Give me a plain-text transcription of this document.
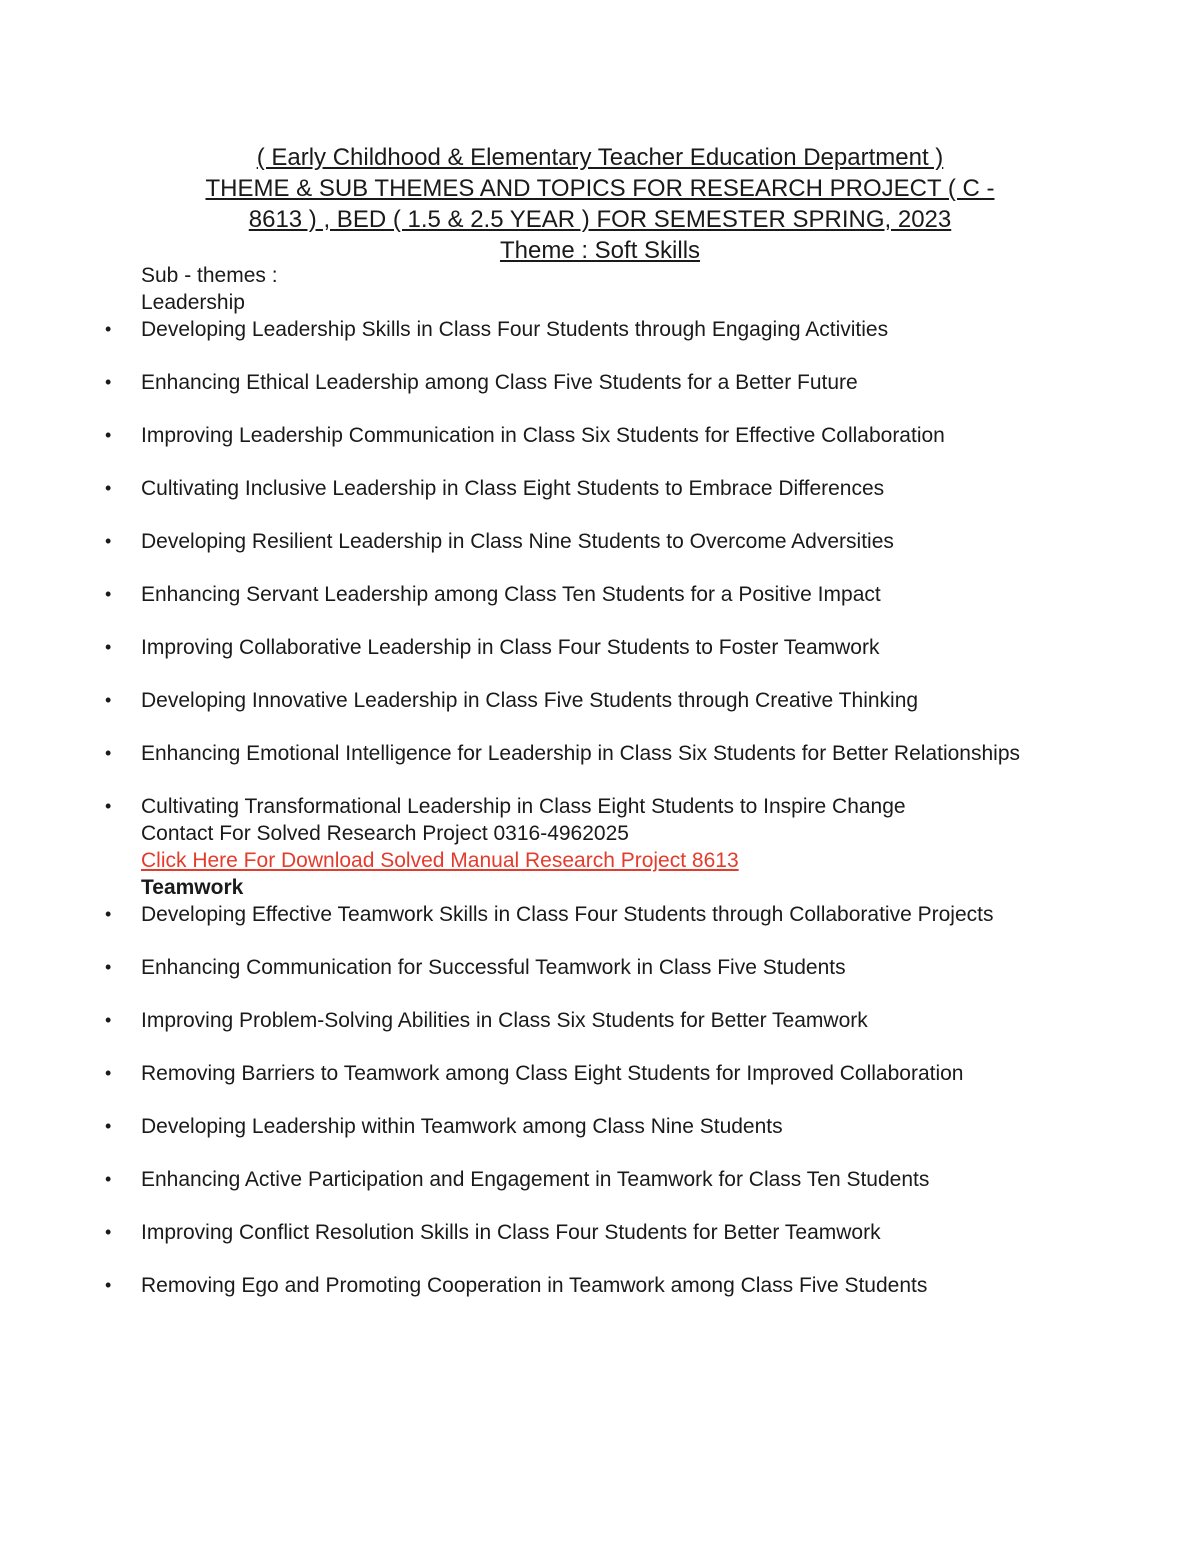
( Early Childhood & Elementary Teacher Education Department )

THEME & SUB THEMES AND TOPICS FOR RESEARCH PROJECT ( C -

8613 ) , BED ( 1.5 & 2.5 YEAR ) FOR SEMESTER SPRING, 2023

Theme : Soft Skills

Sub - themes :

Leadership

• Developing Leadership Skills in Class Four Students through Engaging Activities
• Enhancing Ethical Leadership among Class Five Students for a Better Future
• Improving Leadership Communication in Class Six Students for Effective Collaboration
• Cultivating Inclusive Leadership in Class Eight Students to Embrace Differences
• Developing Resilient Leadership in Class Nine Students to Overcome Adversities
• Enhancing Servant Leadership among Class Ten Students for a Positive Impact
• Improving Collaborative Leadership in Class Four Students to Foster Teamwork
• Developing Innovative Leadership in Class Five Students through Creative Thinking
• Enhancing Emotional Intelligence for Leadership in Class Six Students for Better Relationships
• Cultivating Transformational Leadership in Class Eight Students to Inspire Change

Contact For Solved Research Project 0316-4962025

Click Here For Download Solved Manual Research Project 8613

Teamwork

• Developing Effective Teamwork Skills in Class Four Students through Collaborative Projects
• Enhancing Communication for Successful Teamwork in Class Five Students
• Improving Problem-Solving Abilities in Class Six Students for Better Teamwork
• Removing Barriers to Teamwork among Class Eight Students for Improved Collaboration
• Developing Leadership within Teamwork among Class Nine Students
• Enhancing Active Participation and Engagement in Teamwork for Class Ten Students
• Improving Conflict Resolution Skills in Class Four Students for Better Teamwork
• Removing Ego and Promoting Cooperation in Teamwork among Class Five Students
